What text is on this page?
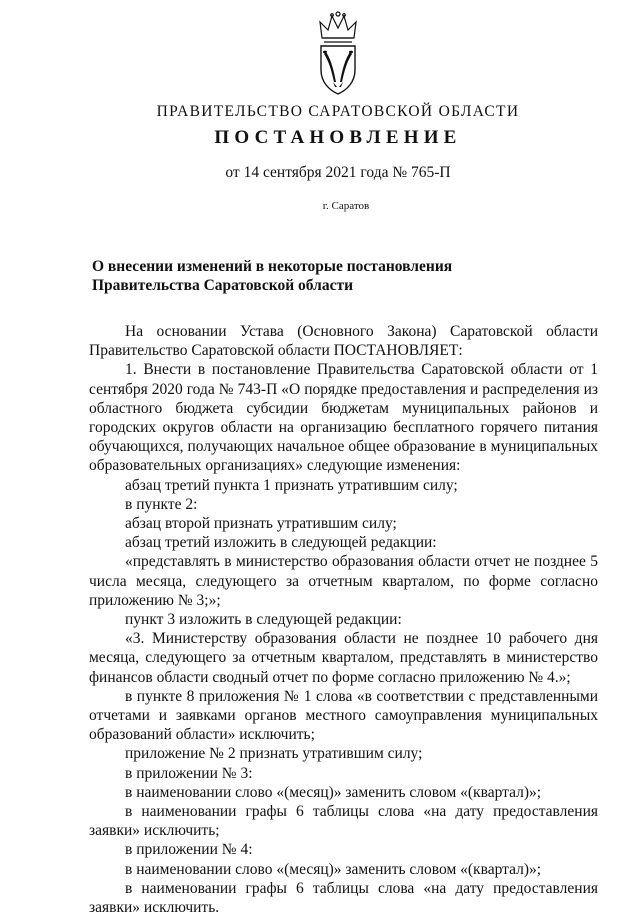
ПРАВИТЕЛЬСТВО САРАТОВСКОЙ ОБЛАСТИ
ПОСТАНОВЛЕНИЕ
от 14 сентября 2021 года № 765-П
г. Саратов
О внесении изменений в некоторые постановления
Правительства Саратовской области

На основании Устава (Основного Закона) Саратовской области Правительство Саратовской области ПОСТАНОВЛЯЕТ:

1. Внести в постановление Правительства Саратовской области от 1 сентября 2020 года № 743-П «О порядке предоставления и распределения из областного бюджета субсидии бюджетам муниципальных районов и городских округов области на организацию бесплатного горячего питания обучающихся, получающих начальное общее образование в муниципальных образовательных организациях» следующие изменения:

абзац третий пункта 1 признать утратившим силу;

в пункте 2:

абзац второй признать утратившим силу;

абзац третий изложить в следующей редакции:

«представлять в министерство образования области отчет не позднее 5 числа месяца, следующего за отчетным кварталом, по форме согласно приложению № 3;»;

пункт 3 изложить в следующей редакции:

«3. Министерству образования области не позднее 10 рабочего дня месяца, следующего за отчетным кварталом, представлять в министерство финансов области сводный отчет по форме согласно приложению № 4.»;

в пункте 8 приложения № 1 слова «в соответствии с представленными отчетами и заявками органов местного самоуправления муниципальных образований области» исключить;

приложение № 2 признать утратившим силу;

в приложении № 3:

в наименовании слово «(месяц)» заменить словом «(квартал)»;

в наименовании графы 6 таблицы слова «на дату предоставления заявки» исключить;

в приложении № 4:

в наименовании слово «(месяц)» заменить словом «(квартал)»;

в наименовании графы 6 таблицы слова «на дату предоставления заявки» исключить.
